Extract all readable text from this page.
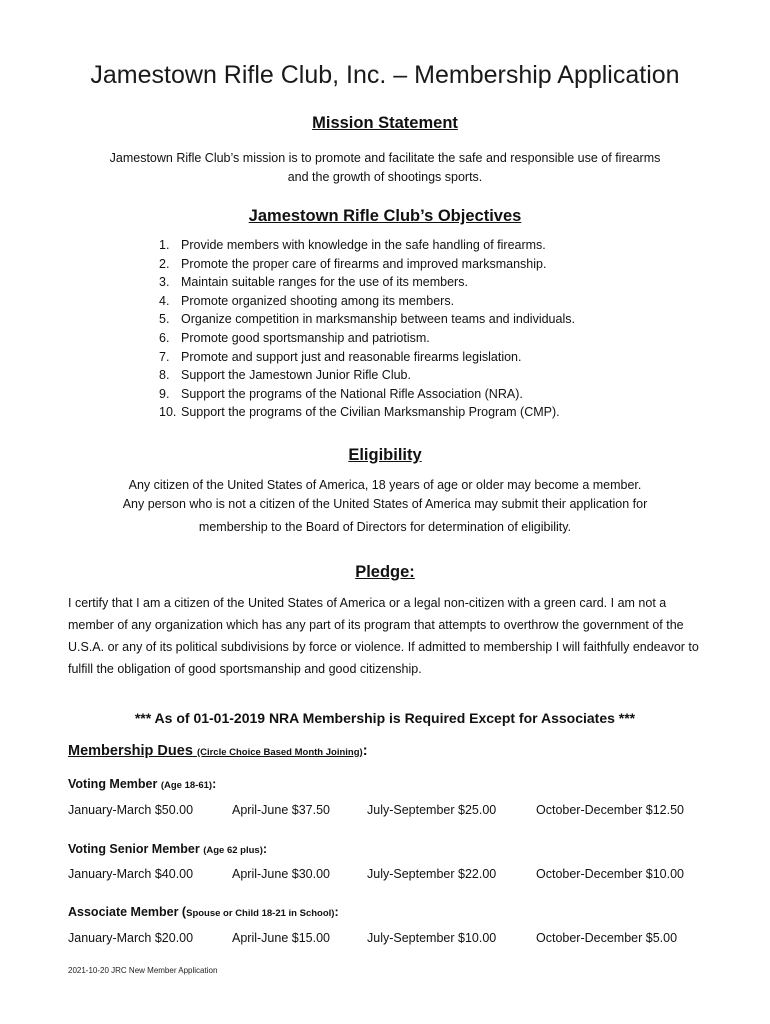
Jamestown Rifle Club, Inc. – Membership Application
Mission Statement
Jamestown Rifle Club’s mission is to promote and facilitate the safe and responsible use of firearms
and the growth of shootings sports.
Jamestown Rifle Club’s Objectives
1. Provide members with knowledge in the safe handling of firearms.
2. Promote the proper care of firearms and improved marksmanship.
3. Maintain suitable ranges for the use of its members.
4. Promote organized shooting among its members.
5. Organize competition in marksmanship between teams and individuals.
6. Promote good sportsmanship and patriotism.
7. Promote and support just and reasonable firearms legislation.
8. Support the Jamestown Junior Rifle Club.
9. Support the programs of the National Rifle Association (NRA).
10. Support the programs of the Civilian Marksmanship Program (CMP).
Eligibility
Any citizen of the United States of America, 18 years of age or older may become a member.
Any person who is not a citizen of the United States of America may submit their application for
membership to the Board of Directors for determination of eligibility.
Pledge:
I certify that I am a citizen of the United States of America or a legal non-citizen with a green card. I am not a member of any organization which has any part of its program that attempts to overthrow the government of the U.S.A. or any of its political subdivisions by force or violence. If admitted to membership I will faithfully endeavor to fulfill the obligation of good sportsmanship and good citizenship.
*** As of 01-01-2019 NRA Membership is Required Except for Associates ***
Membership Dues (Circle Choice Based Month Joining):
Voting Member (Age 18-61):
January-March $50.00	April-June $37.50	July-September $25.00	October-December $12.50
Voting Senior Member (Age 62 plus):
January-March $40.00	April-June $30.00	July-September $22.00	October-December $10.00
Associate Member (Spouse or Child 18-21 in School):
January-March $20.00	April-June $15.00	July-September $10.00	October-December $5.00
2021-10-20 JRC New Member Application
